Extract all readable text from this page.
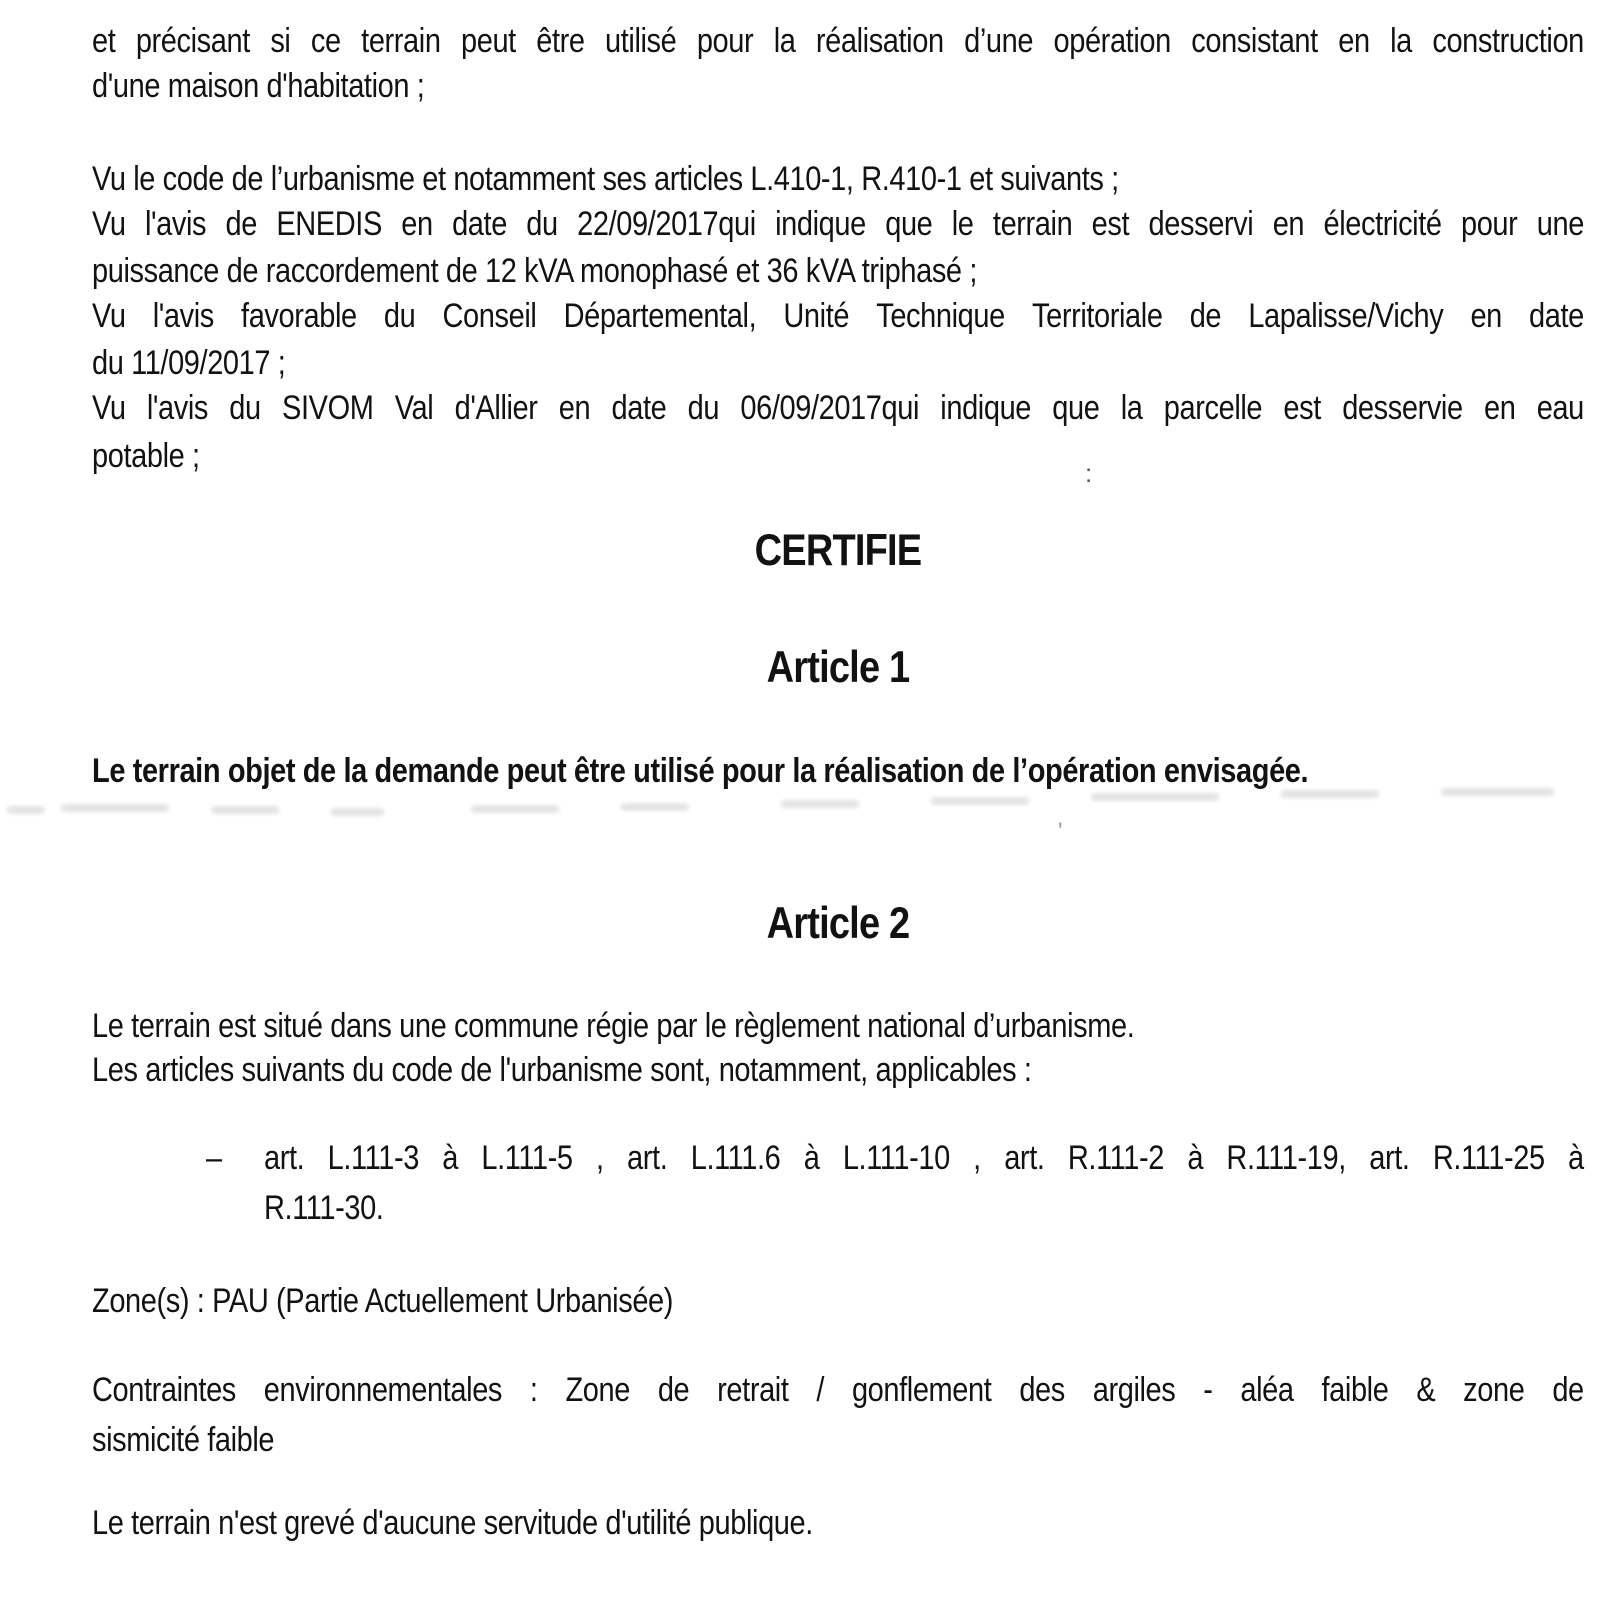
et précisant si ce terrain peut être utilisé pour la réalisation d’une opération consistant en la construction
d'une maison d'habitation ;
Vu le code de l’urbanisme et notamment ses articles L.410-1, R.410-1 et suivants ;
Vu l'avis de ENEDIS en date du 22/09/2017qui indique que le terrain est desservi en électricité pour une
puissance de raccordement de 12 kVA monophasé et 36 kVA triphasé ;
Vu l'avis favorable du Conseil Départemental, Unité Technique Territoriale de Lapalisse/Vichy en date
du 11/09/2017 ;
Vu l'avis du SIVOM Val d'Allier en date du 06/09/2017qui indique que la parcelle est desservie en eau
potable ;	:
CERTIFIE
Article 1
Le terrain objet de la demande peut être utilisé pour la réalisation de l’opération envisagée.
'
Article 2
Le terrain est situé dans une commune régie par le règlement national d’urbanisme.
Les articles suivants du code de l'urbanisme sont, notamment, applicables :
–	art. L.111-3 à L.111-5 , art. L.111.6 à L.111-10 , art. R.111-2 à R.111-19, art. R.111-25 à
R.111-30.
Zone(s) : PAU (Partie Actuellement Urbanisée)
Contraintes environnementales : Zone de retrait / gonflement des argiles - aléa faible & zone de
sismicité faible
Le terrain n'est grevé d'aucune servitude d'utilité publique.
